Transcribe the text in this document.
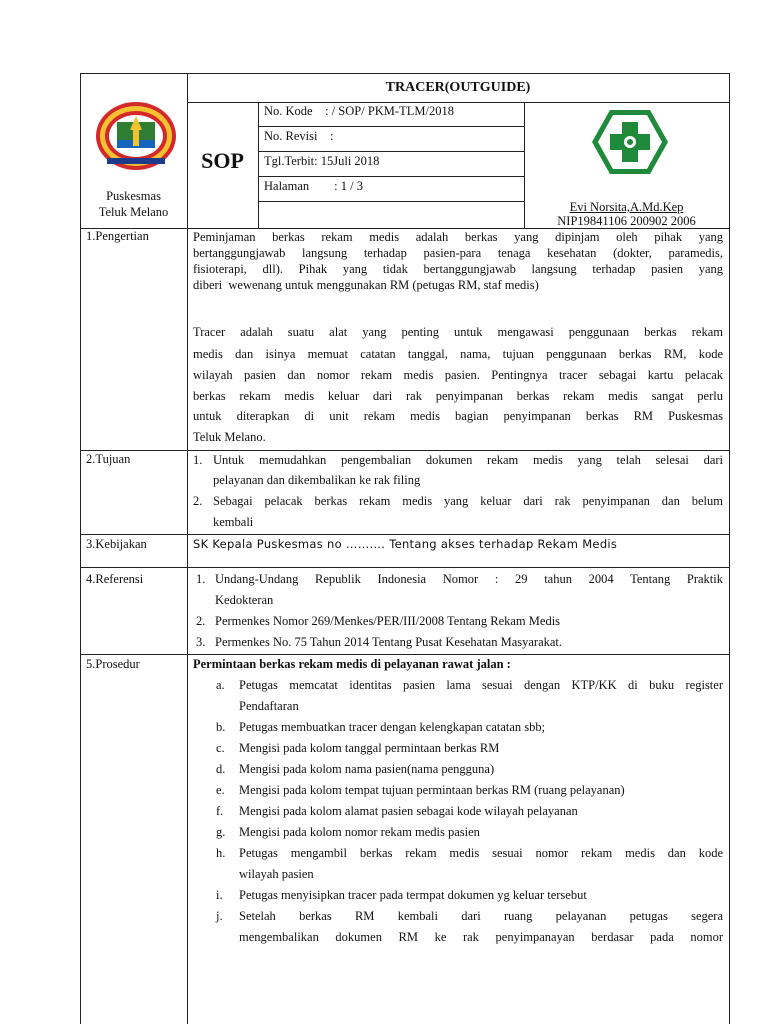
Puskesmas
Teluk Melano
TRACER(OUTGUIDE)
SOP
No. Kode    : / SOP/ PKM-TLM/2018
No. Revisi    :
Tgl.Terbit: 15Juli 2018
Halaman        : 1 / 3
Evi Norsita,A.Md.Kep
NIP19841106 200902 2006
1.Pengertian	Peminjaman berkas rekam medis adalah berkas yang dipinjam oleh pihak yang
bertanggungjawab langsung terhadap pasien-para tenaga kesehatan (dokter, paramedis,
fisioterapi, dll). Pihak yang tidak bertanggungjawab langsung terhadap pasien yang
diberi  wewenang untuk menggunakan RM (petugas RM, staf medis)
Tracer adalah suatu alat yang penting untuk mengawasi penggunaan berkas rekam
medis dan isinya memuat catatan tanggal, nama, tujuan penggunaan berkas RM, kode
wilayah pasien dan nomor rekam medis pasien. Pentingnya tracer sebagai kartu pelacak
berkas rekam medis keluar dari rak penyimpanan berkas rekam medis sangat perlu
untuk diterapkan di unit rekam medis bagian penyimpanan berkas RM Puskesmas
Teluk Melano.
2.Tujuan	1. Untuk memudahkan pengembalian dokumen rekam medis yang telah selesai dari
pelayanan dan dikembalikan ke rak filing
2. Sebagai pelacak berkas rekam medis yang keluar dari rak penyimpanan dan belum
kembali
3.Kebijakan	SK Kepala Puskesmas no ………. Tentang akses terhadap Rekam Medis
4.Referensi	1. Undang-Undang Republik Indonesia Nomor : 29 tahun 2004 Tentang Praktik
Kedokteran
2. Permenkes Nomor 269/Menkes/PER/III/2008 Tentang Rekam Medis
3. Permenkes No. 75 Tahun 2014 Tentang Pusat Kesehatan Masyarakat.
5.Prosedur	Permintaan berkas rekam medis di pelayanan rawat jalan :
a. Petugas memcatat identitas pasien lama sesuai dengan KTP/KK di buku register
Pendaftaran
b. Petugas membuatkan tracer dengan kelengkapan catatan sbb;
c. Mengisi pada kolom tanggal permintaan berkas RM
d. Mengisi pada kolom nama pasien(nama pengguna)
e. Mengisi pada kolom tempat tujuan permintaan berkas RM (ruang pelayanan)
f. Mengisi pada kolom alamat pasien sebagai kode wilayah pelayanan
g. Mengisi pada kolom nomor rekam medis pasien
h. Petugas mengambil berkas rekam medis sesuai nomor rekam medis dan kode
wilayah pasien
i. Petugas menyisipkan tracer pada termpat dokumen yg keluar tersebut
j. Setelah berkas RM kembali dari ruang pelayanan petugas segera
mengembalikan dokumen RM ke rak penyimpanayan berdasar pada nomor
